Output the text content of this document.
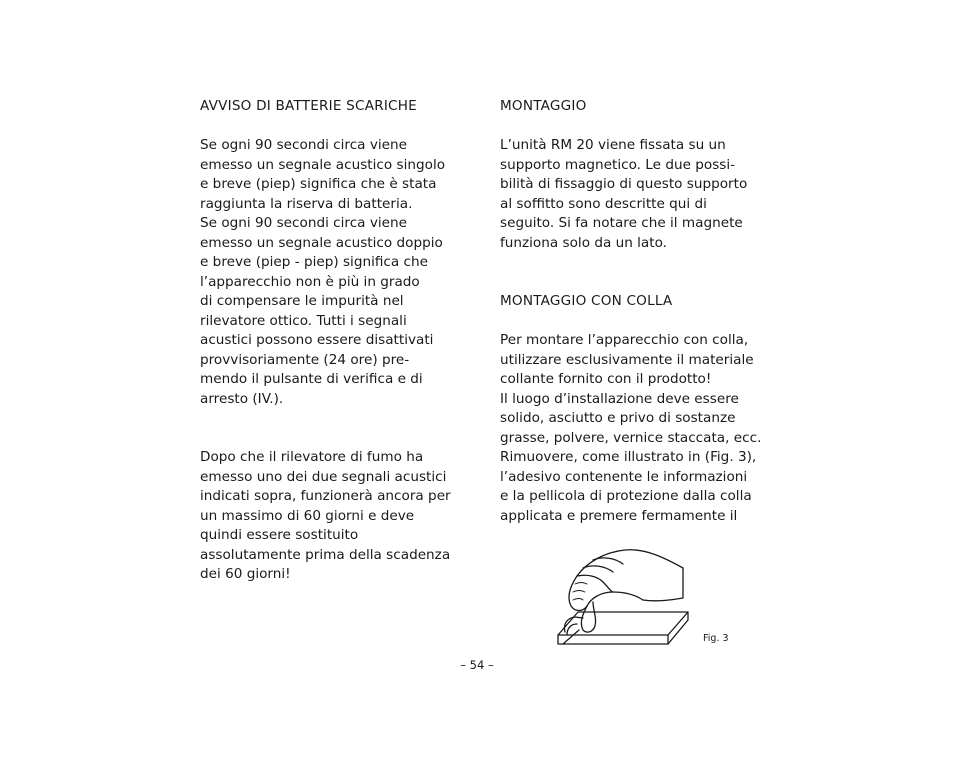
AVVISO DI BATTERIE SCARICHE
Se ogni 90 secondi circa viene
emesso un segnale acustico singolo
e breve (piep) significa che è stata
raggiunta la riserva di batteria.
Se ogni 90 secondi circa viene
emesso un segnale acustico doppio
e breve (piep - piep) significa che
l’apparecchio non è più in grado
di compensare le impurità nel
rilevatore ottico. Tutti i segnali
acustici possono essere disattivati
provvisoriamente (24 ore) pre-
mendo il pulsante di verifica e di
arresto (IV.).
Dopo che il rilevatore di fumo ha
emesso uno dei due segnali acustici
indicati sopra, funzionerà ancora per
un massimo di 60 giorni e deve
quindi essere sostituito
assolutamente prima della scadenza
dei 60 giorni!
MONTAGGIO
L’unità RM 20 viene fissata su un
supporto magnetico. Le due possi-
bilità di fissaggio di questo supporto
al soffitto sono descritte qui di
seguito. Si fa notare che il magnete
funziona solo da un lato.
MONTAGGIO CON COLLA
Per montare l’apparecchio con colla,
utilizzare esclusivamente il materiale
collante fornito con il prodotto!
Il luogo d’installazione deve essere
solido, asciutto e privo di sostanze
grasse, polvere, vernice staccata, ecc.
Rimuovere, come illustrato in (Fig. 3),
l’adesivo contenente le informazioni
e la pellicola di protezione dalla colla
applicata e premere fermamente il
Fig. 3
– 54 –
